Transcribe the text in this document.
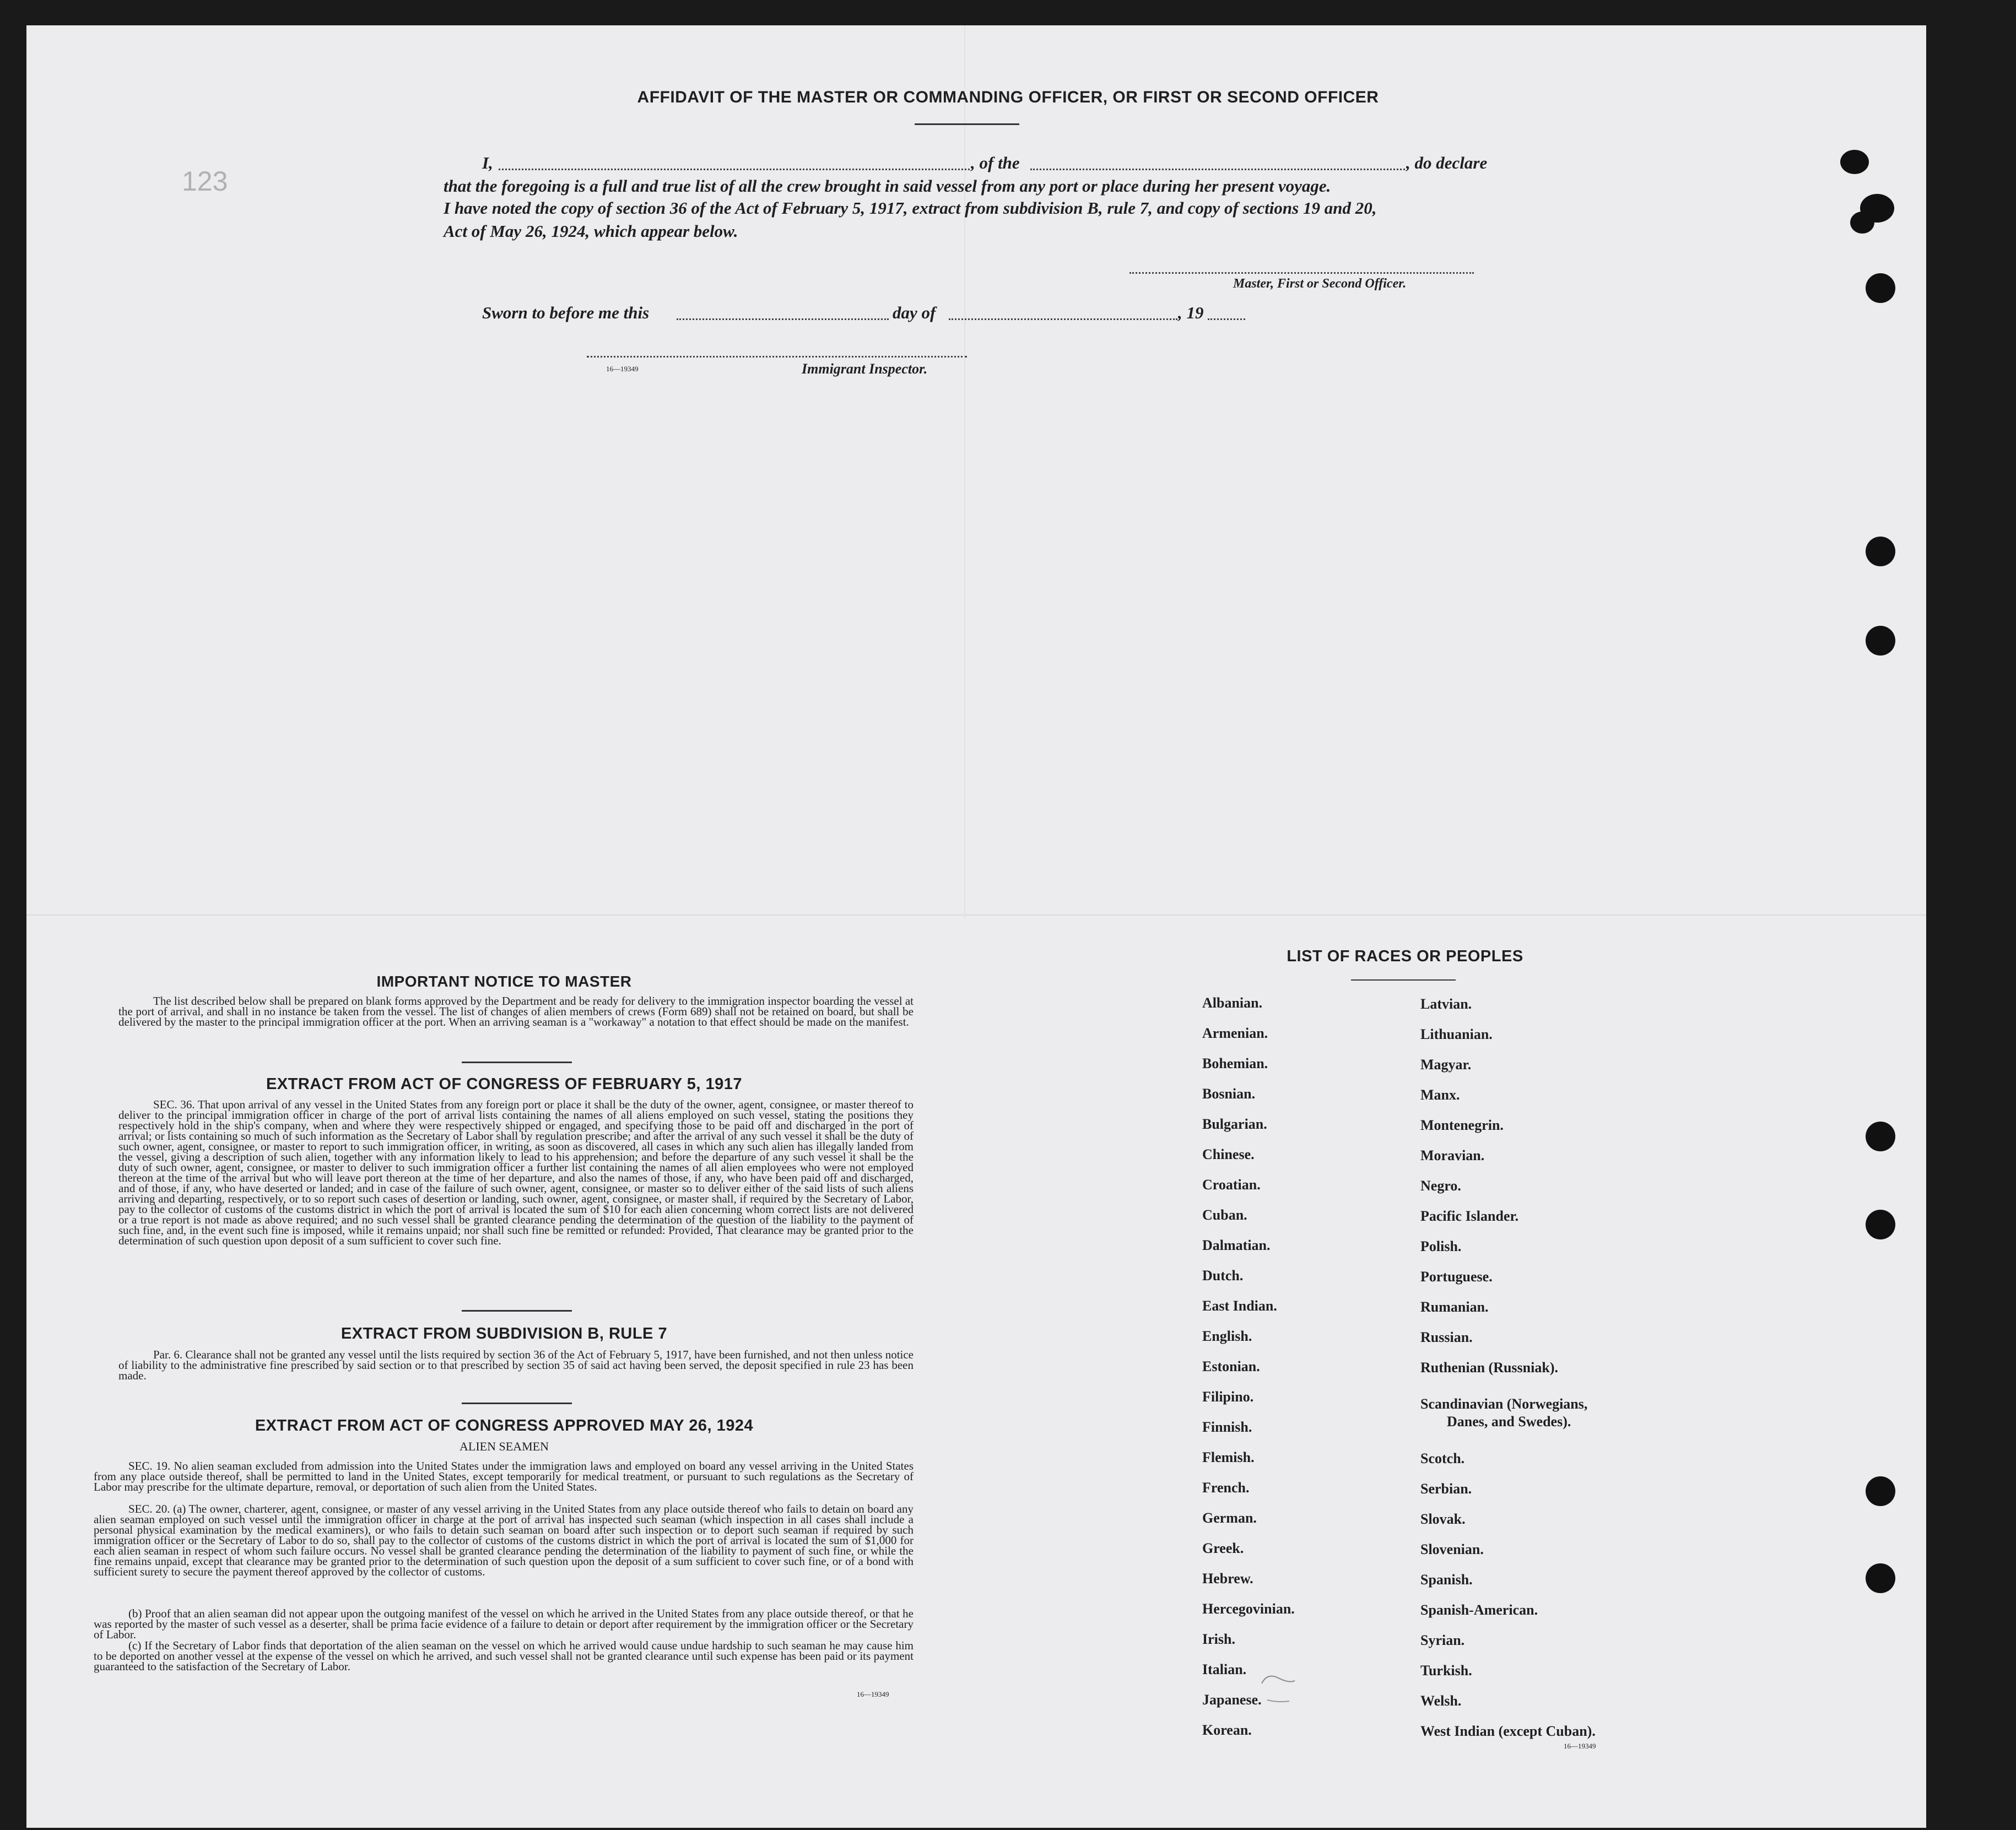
123
AFFIDAVIT OF THE MASTER OR COMMANDING OFFICER, OR FIRST OR SECOND OFFICER
I,	, of the	, do declare
that the foregoing is a full and true list of all the crew brought in said vessel from any port or place during her present voyage.
I have noted the copy of section 36 of the Act of February 5, 1917, extract from subdivision B, rule 7, and copy of sections 19 and 20,
Act of May 26, 1924, which appear below.
Master, First or Second Officer.
Sworn to before me this	day of	, 19
16—19349	Immigrant Inspector.
IMPORTANT NOTICE TO MASTER
The list described below shall be prepared on blank forms approved by the Department and be ready for delivery to the immigration inspector boarding the vessel at the port of arrival, and shall in no instance be taken from the vessel. The list of changes of alien members of crews (Form 689) shall not be retained on board, but shall be delivered by the master to the principal immigration officer at the port. When an arriving seaman is a "workaway" a notation to that effect should be made on the manifest.
EXTRACT FROM ACT OF CONGRESS OF FEBRUARY 5, 1917
SEC. 36. That upon arrival of any vessel in the United States from any foreign port or place it shall be the duty of the owner, agent, consignee, or master thereof to deliver to the principal immigration officer in charge of the port of arrival lists containing the names of all aliens employed on such vessel, stating the positions they respectively hold in the ship's company, when and where they were respectively shipped or engaged, and specifying those to be paid off and discharged in the port of arrival; or lists containing so much of such information as the Secretary of Labor shall by regulation prescribe; and after the arrival of any such vessel it shall be the duty of such owner, agent, consignee, or master to report to such immigration officer, in writing, as soon as discovered, all cases in which any such alien has illegally landed from the vessel, giving a description of such alien, together with any information likely to lead to his apprehension; and before the departure of any such vessel it shall be the duty of such owner, agent, consignee, or master to deliver to such immigration officer a further list containing the names of all alien employees who were not employed thereon at the time of the arrival but who will leave port thereon at the time of her departure, and also the names of those, if any, who have been paid off and discharged, and of those, if any, who have deserted or landed; and in case of the failure of such owner, agent, consignee, or master so to deliver either of the said lists of such aliens arriving and departing, respectively, or to so report such cases of desertion or landing, such owner, agent, consignee, or master shall, if required by the Secretary of Labor, pay to the collector of customs of the customs district in which the port of arrival is located the sum of $10 for each alien concerning whom correct lists are not delivered or a true report is not made as above required; and no such vessel shall be granted clearance pending the determination of the question of the liability to the payment of such fine, and, in the event such fine is imposed, while it remains unpaid; nor shall such fine be remitted or refunded: Provided, That clearance may be granted prior to the determination of such question upon deposit of a sum sufficient to cover such fine.
EXTRACT FROM SUBDIVISION B, RULE 7
Par. 6. Clearance shall not be granted any vessel until the lists required by section 36 of the Act of February 5, 1917, have been furnished, and not then unless notice of liability to the administrative fine prescribed by said section or to that prescribed by section 35 of said act having been served, the deposit specified in rule 23 has been made.
EXTRACT FROM ACT OF CONGRESS APPROVED MAY 26, 1924
ALIEN SEAMEN
SEC. 19. No alien seaman excluded from admission into the United States under the immigration laws and employed on board any vessel arriving in the United States from any place outside thereof, shall be permitted to land in the United States, except temporarily for medical treatment, or pursuant to such regulations as the Secretary of Labor may prescribe for the ultimate departure, removal, or deportation of such alien from the United States.
SEC. 20. (a) The owner, charterer, agent, consignee, or master of any vessel arriving in the United States from any place outside thereof who fails to detain on board any alien seaman employed on such vessel until the immigration officer in charge at the port of arrival has inspected such seaman (which inspection in all cases shall include a personal physical examination by the medical examiners), or who fails to detain such seaman on board after such inspection or to deport such seaman if required by such immigration officer or the Secretary of Labor to do so, shall pay to the collector of customs of the customs district in which the port of arrival is located the sum of $1,000 for each alien seaman in respect of whom such failure occurs. No vessel shall be granted clearance pending the determination of the liability to payment of such fine, or while the fine remains unpaid, except that clearance may be granted prior to the determination of such question upon the deposit of a sum sufficient to cover such fine, or of a bond with sufficient surety to secure the payment thereof approved by the collector of customs.
(b) Proof that an alien seaman did not appear upon the outgoing manifest of the vessel on which he arrived in the United States from any place outside thereof, or that he was reported by the master of such vessel as a deserter, shall be prima facie evidence of a failure to detain or deport after requirement by the immigration officer or the Secretary of Labor.
(c) If the Secretary of Labor finds that deportation of the alien seaman on the vessel on which he arrived would cause undue hardship to such seaman he may cause him to be deported on another vessel at the expense of the vessel on which he arrived, and such vessel shall not be granted clearance until such expense has been paid or its payment guaranteed to the satisfaction of the Secretary of Labor.
16—19349
LIST OF RACES OR PEOPLES
Albanian.
Armenian.
Bohemian.
Bosnian.
Bulgarian.
Chinese.
Croatian.
Cuban.
Dalmatian.
Dutch.
East Indian.
English.
Estonian.
Filipino.
Finnish.
Flemish.
French.
German.
Greek.
Hebrew.
Hercegovinian.
Irish.
Italian.
Japanese.
Korean.
Latvian.
Lithuanian.
Magyar.
Manx.
Montenegrin.
Moravian.
Negro.
Pacific Islander.
Polish.
Portuguese.
Rumanian.
Russian.
Ruthenian (Russniak).
Scandinavian (Norwegians,
Danes, and Swedes).
Scotch.
Serbian.
Slovak.
Slovenian.
Spanish.
Spanish-American.
Syrian.
Turkish.
Welsh.
West Indian (except Cuban).
16—19349
